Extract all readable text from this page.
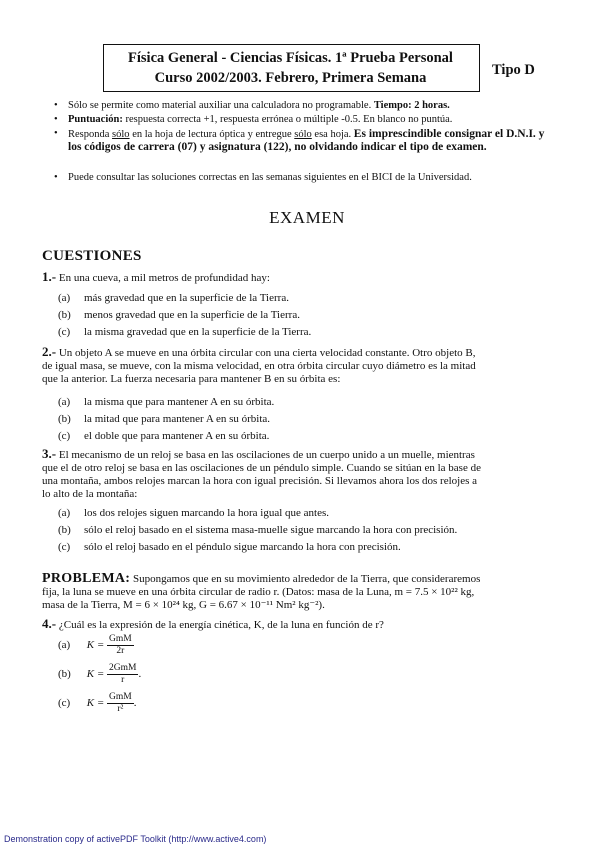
Física General - Ciencias Físicas. 1ª Prueba Personal
Curso 2002/2003. Febrero, Primera Semana	Tipo D
• Sólo se permite como material auxiliar una calculadora no programable. Tiempo: 2 horas.
• Puntuación: respuesta correcta +1, respuesta errónea o múltiple -0.5. En blanco no puntúa.
• Responda sólo en la hoja de lectura óptica y entregue sólo esa hoja. Es imprescindible consignar el D.N.I. y los códigos de carrera (07) y asignatura (122), no olvidando indicar el tipo de examen.
• Puede consultar las soluciones correctas en las semanas siguientes en el BICI de la Universidad.
EXAMEN
CUESTIONES
1.- En una cueva, a mil metros de profundidad hay:
(a) más gravedad que en la superficie de la Tierra.
(b) menos gravedad que en la superficie de la Tierra.
(c) la misma gravedad que en la superficie de la Tierra.
2.- Un objeto A se mueve en una órbita circular con una cierta velocidad constante. Otro objeto B,
de igual masa, se mueve, con la misma velocidad, en otra órbita circular cuyo diámetro es la mitad
que la anterior. La fuerza necesaria para mantener B en su órbita es:
(a) la misma que para mantener A en su órbita.
(b) la mitad que para mantener A en su órbita.
(c) el doble que para mantener A en su órbita.
3.- El mecanismo de un reloj se basa en las oscilaciones de un cuerpo unido a un muelle, mientras
que el de otro reloj se basa en las oscilaciones de un péndulo simple. Cuando se sitúan en la base de
una montaña, ambos relojes marcan la hora con igual precisión. Si llevamos ahora los dos relojes a
lo alto de la montaña:
(a) los dos relojes siguen marcando la hora igual que antes.
(b) sólo el reloj basado en el sistema masa-muelle sigue marcando la hora con precisión.
(c) sólo el reloj basado en el péndulo sigue marcando la hora con precisión.
PROBLEMA: Supongamos que en su movimiento alrededor de la Tierra, que consideraremos
fija, la luna se mueve en una órbita circular de radio r. (Datos: masa de la Luna, m = 7.5 × 10²² kg,
masa de la Tierra, M = 6 × 10²⁴ kg, G = 6.67 × 10⁻¹¹ Nm² kg⁻²).
4.- ¿Cuál es la expresión de la energía cinética, K, de la luna en función de r?
(a) $K = \frac{\text{GmM}}{2r}$
(b) $K = \frac{\text{2GmM}}{r}$ .
(c) $K = \frac{\text{GmM}}{\text{r²}}$ .
Demonstration copy of activePDF Toolkit (http://www.active4.com)
